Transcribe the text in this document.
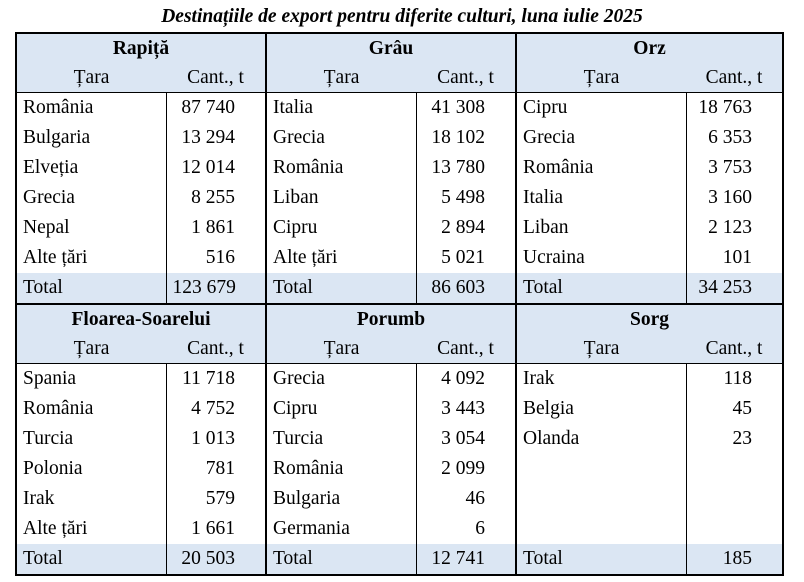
Destinațiile de export pentru diferite culturi, luna iulie 2025
Rapiță		Grâu		Orz	
Țara	Cant., t	Țara	Cant., t	Țara	Cant., t
România	87 740	Italia	41 308	Cipru	18 763
Bulgaria	13 294	Grecia	18 102	Grecia	6 353
Elveția	12 014	România	13 780	România	3 753
Grecia	8 255	Liban	5 498	Italia	3 160
Nepal	1 861	Cipru	2 894	Liban	2 123
Alte țări	516	Alte țări	5 021	Ucraina	101
Total	123 679	Total	86 603	Total	34 253
Floarea-Soarelui		Porumb		Sorg	
Țara	Cant., t	Țara	Cant., t	Țara	Cant., t
Spania	11 718	Grecia	4 092	Irak	118
România	4 752	Cipru	3 443	Belgia	45
Turcia	1 013	Turcia	3 054	Olanda	23
Polonia	781	România	2 099		
Irak	579	Bulgaria	46		
Alte țări	1 661	Germania	6		
Total	20 503	Total	12 741	Total	185
